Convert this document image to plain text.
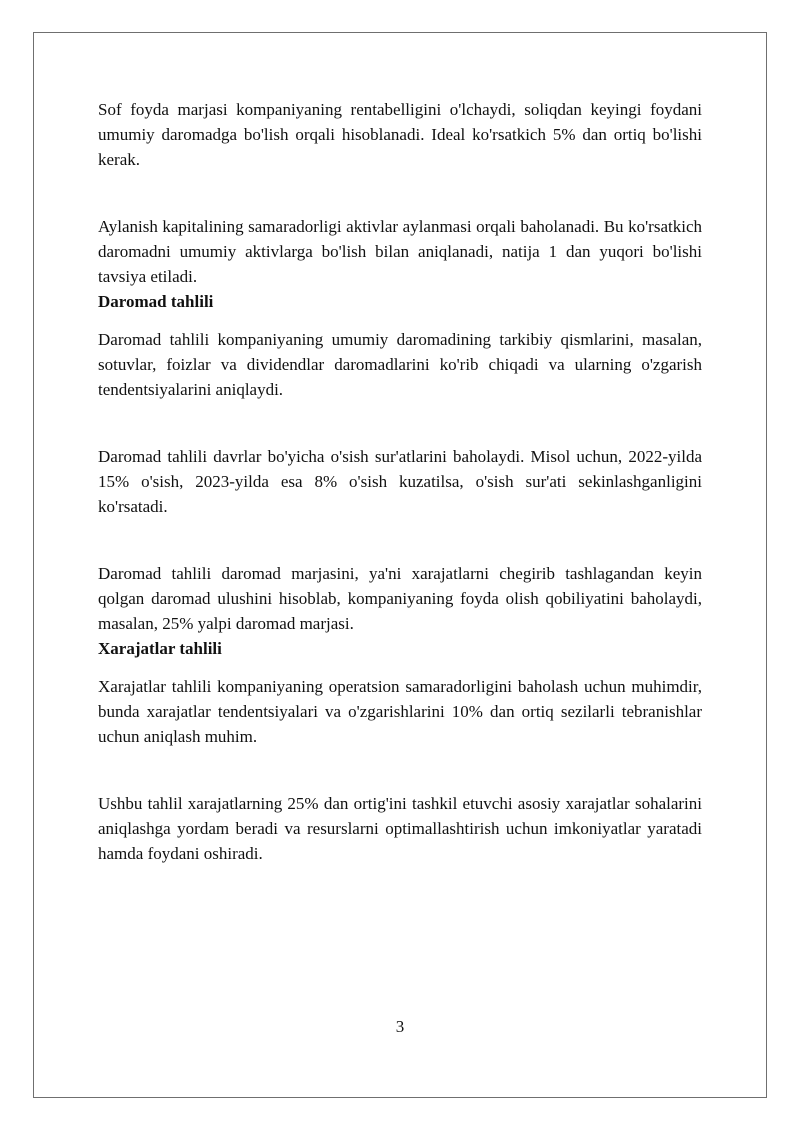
Sof foyda marjasi kompaniyaning rentabelligini o'lchaydi, soliqdan keyingi foydani umumiy daromadga bo'lish orqali hisoblanadi. Ideal ko'rsatkich 5% dan ortiq bo'lishi kerak.

Aylanish kapitalining samaradorligi aktivlar aylanmasi orqali baholanadi. Bu ko'rsatkich daromadni umumiy aktivlarga bo'lish bilan aniqlanadi, natija 1 dan yuqori bo'lishi tavsiya etiladi.

Daromad tahlili

Daromad tahlili kompaniyaning umumiy daromadining tarkibiy qismlarini, masalan, sotuvlar, foizlar va dividendlar daromadlarini ko'rib chiqadi va ularning o'zgarish tendentsiyalarini aniqlaydi.

Daromad tahlili davrlar bo'yicha o'sish sur'atlarini baholaydi. Misol uchun, 2022-yilda 15% o'sish, 2023-yilda esa 8% o'sish kuzatilsa, o'sish sur'ati sekinlashganligini ko'rsatadi.

Daromad tahlili daromad marjasini, ya'ni xarajatlarni chegirib tashlagandan keyin qolgan daromad ulushini hisoblab, kompaniyaning foyda olish qobiliyatini baholaydi, masalan, 25% yalpi daromad marjasi.

Xarajatlar tahlili

Xarajatlar tahlili kompaniyaning operatsion samaradorligini baholash uchun muhimdir, bunda xarajatlar tendentsiyalari va o'zgarishlarini 10% dan ortiq sezilarli tebranishlar uchun aniqlash muhim.

Ushbu tahlil xarajatlarning 25% dan ortig'ini tashkil etuvchi asosiy xarajatlar sohalarini aniqlashga yordam beradi va resurslarni optimallashtirish uchun imkoniyatlar yaratadi hamda foydani oshiradi.

3
